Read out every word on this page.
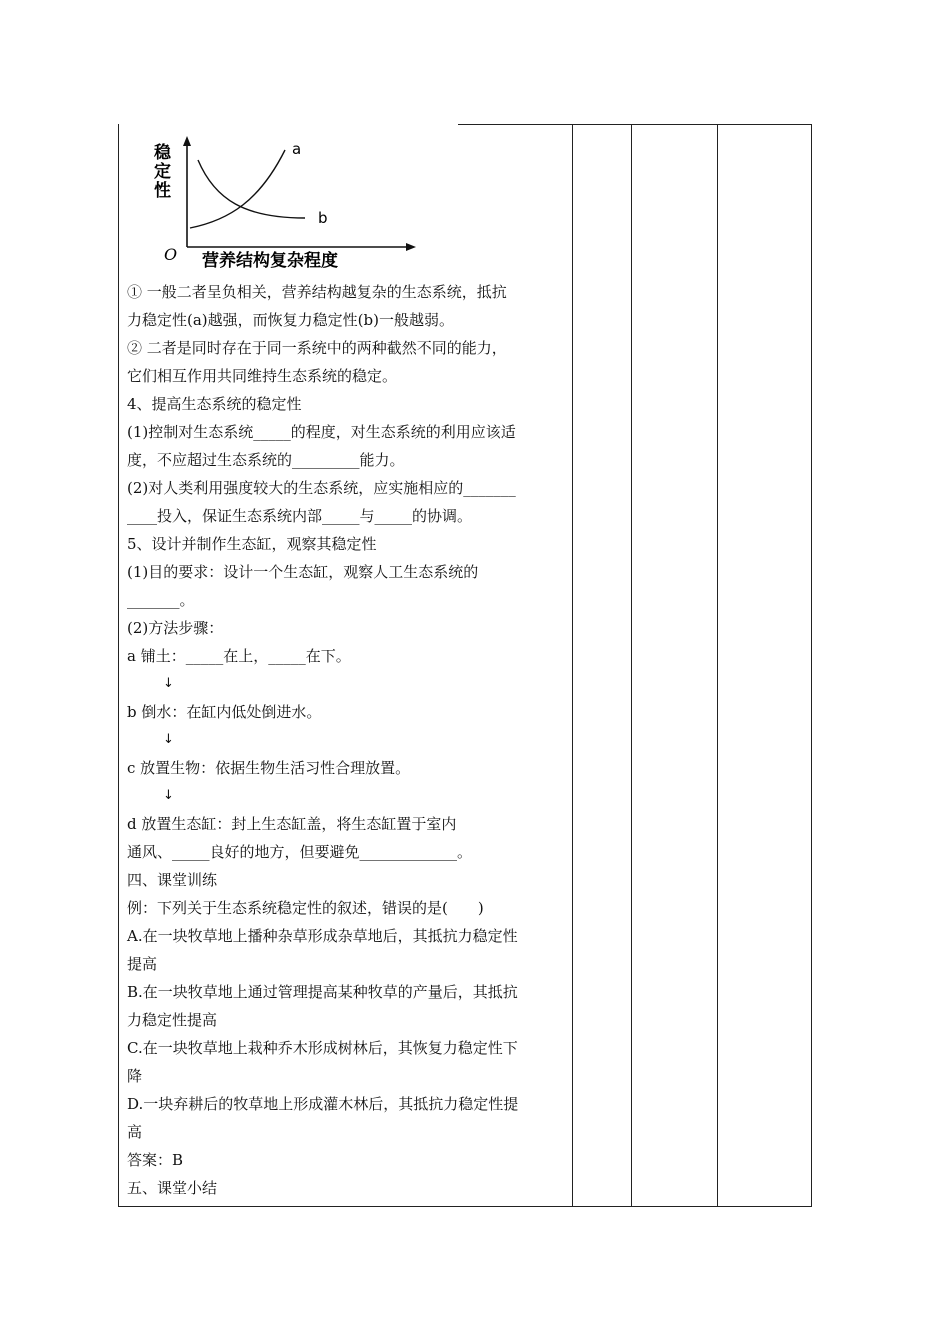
a
b
O 营养结构复杂程度
稳定性
① 一般二者呈负相关，营养结构越复杂的生态系统，抵抗
力稳定性(a)越强，而恢复力稳定性(b)一般越弱。
② 二者是同时存在于同一系统中的两种截然不同的能力，
它们相互作用共同维持生态系统的稳定。
4、提高生态系统的稳定性
(1)控制对生态系统_____的程度，对生态系统的利用应该适
度，不应超过生态系统的_________能力。
(2)对人类利用强度较大的生态系统，应实施相应的_______
____投入，保证生态系统内部_____与_____的协调。
5、设计并制作生态缸，观察其稳定性
(1)目的要求：设计一个生态缸，观察人工生态系统的
_______。
(2)方法步骤：
a 铺土：_____在上，_____在下。
↓
b 倒水：在缸内低处倒进水。
↓
c 放置生物：依据生物生活习性合理放置。
↓
d 放置生态缸：封上生态缸盖，将生态缸置于室内
通风、_____良好的地方，但要避免_____________。
四、课堂训练
例：下列关于生态系统稳定性的叙述，错误的是(　　)
A.在一块牧草地上播种杂草形成杂草地后，其抵抗力稳定性
提高
B.在一块牧草地上通过管理提高某种牧草的产量后，其抵抗
力稳定性提高
C.在一块牧草地上栽种乔木形成树林后，其恢复力稳定性下
降
D.一块弃耕后的牧草地上形成灌木林后，其抵抗力稳定性提
高
答案：B
五、课堂小结
